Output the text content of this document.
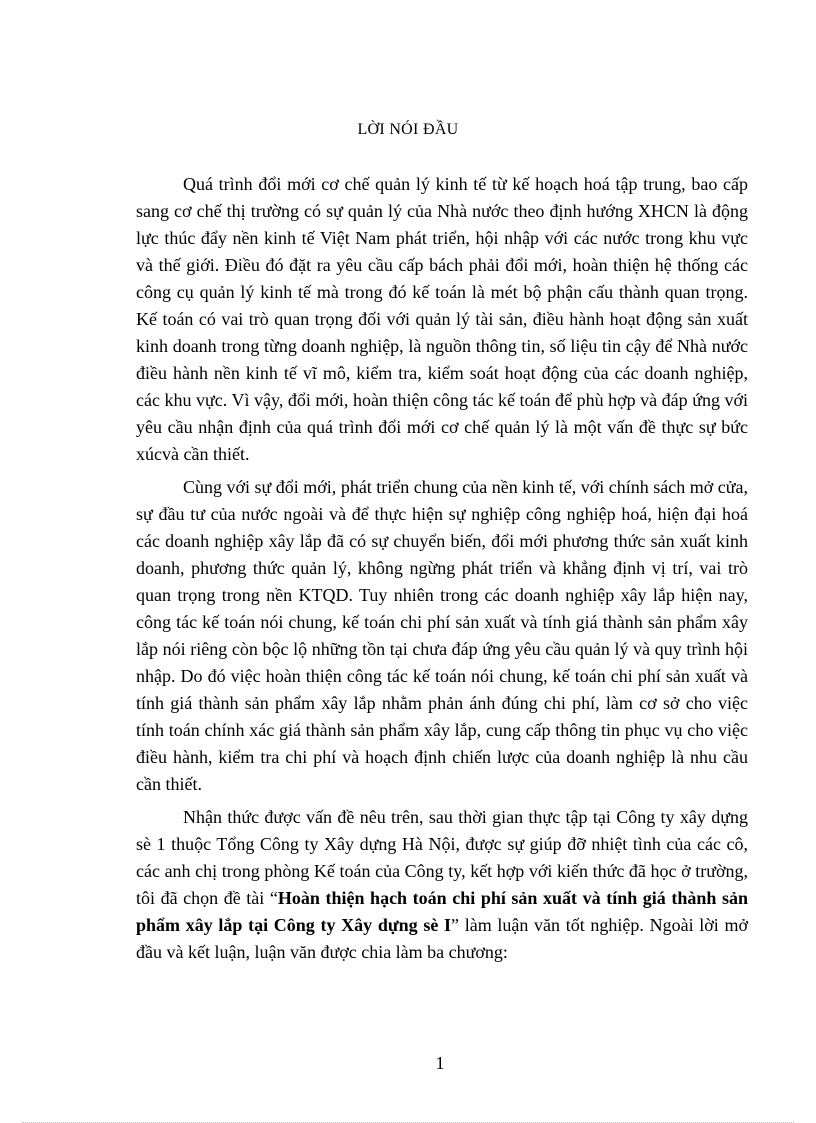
LỜI NÓI ĐẦU

Quá trình đổi mới cơ chế quản lý kinh tế từ kế hoạch hoá tập trung, bao cấp sang cơ chế thị trường có sự quản lý của Nhà nước theo định hướng XHCN là động lực thúc đẩy nền kinh tế Việt Nam phát triển, hội nhập với các nước trong khu vực và thế giới. Điều đó đặt ra yêu cầu cấp bách phải đổi mới, hoàn thiện hệ thống các công cụ quản lý kinh tế mà trong đó kế toán là mét bộ phận cấu thành quan trọng. Kế toán có vai trò quan trọng đối với quản lý tài sản, điều hành hoạt động sản xuất kinh doanh trong từng doanh nghiệp, là nguồn thông tin, số liệu tin cậy để Nhà nước điều hành nền kinh tế vĩ mô, kiểm tra, kiểm soát hoạt động của các doanh nghiệp, các khu vực. Vì vậy, đổi mới, hoàn thiện công tác kế toán để phù hợp và đáp ứng với yêu cầu nhận định của quá trình đổi mới cơ chế quản lý là một vấn đề thực sự bức xúcvà cần thiết.

Cùng với sự đổi mới, phát triển chung của nền kinh tế, với chính sách mở cửa, sự đầu tư của nước ngoài và để thực hiện sự nghiệp công nghiệp hoá, hiện đại hoá các doanh nghiệp xây lắp đã có sự chuyển biến, đổi mới phương thức sản xuất kinh doanh, phương thức quản lý, không ngừng phát triển và khẳng định vị trí, vai trò quan trọng trong nền KTQD. Tuy nhiên trong các doanh nghiệp xây lắp hiện nay, công tác kế toán nói chung, kế toán chi phí sản xuất và tính giá thành sản phẩm xây lắp nói riêng còn bộc lộ những tồn tại chưa đáp ứng yêu cầu quản lý và quy trình hội nhập. Do đó việc hoàn thiện công tác kế toán nói chung, kế toán chi phí sản xuất và tính giá thành sản phẩm xây lắp nhằm phản ánh đúng chi phí, làm cơ sở cho việc tính toán chính xác giá thành sản phẩm xây lắp, cung cấp thông tin phục vụ cho việc điều hành, kiểm tra chi phí và hoạch định chiến lược của doanh nghiệp là nhu cầu cần thiết.

Nhận thức được vấn đề nêu trên, sau thời gian thực tập tại Công ty xây dựng sè 1 thuộc Tổng Công ty Xây dựng Hà Nội, được sự giúp đỡ nhiệt tình của các cô, các anh chị trong phòng Kế toán của Công ty, kết hợp với kiến thức đã học ở trường, tôi đã chọn đề tài “Hoàn thiện hạch toán chi phí sản xuất và tính giá thành sản phẩm xây lắp tại Công ty Xây dựng sè I” làm luận văn tốt nghiệp. Ngoài lời mở đầu và kết luận, luận văn được chia làm ba chương:

1
